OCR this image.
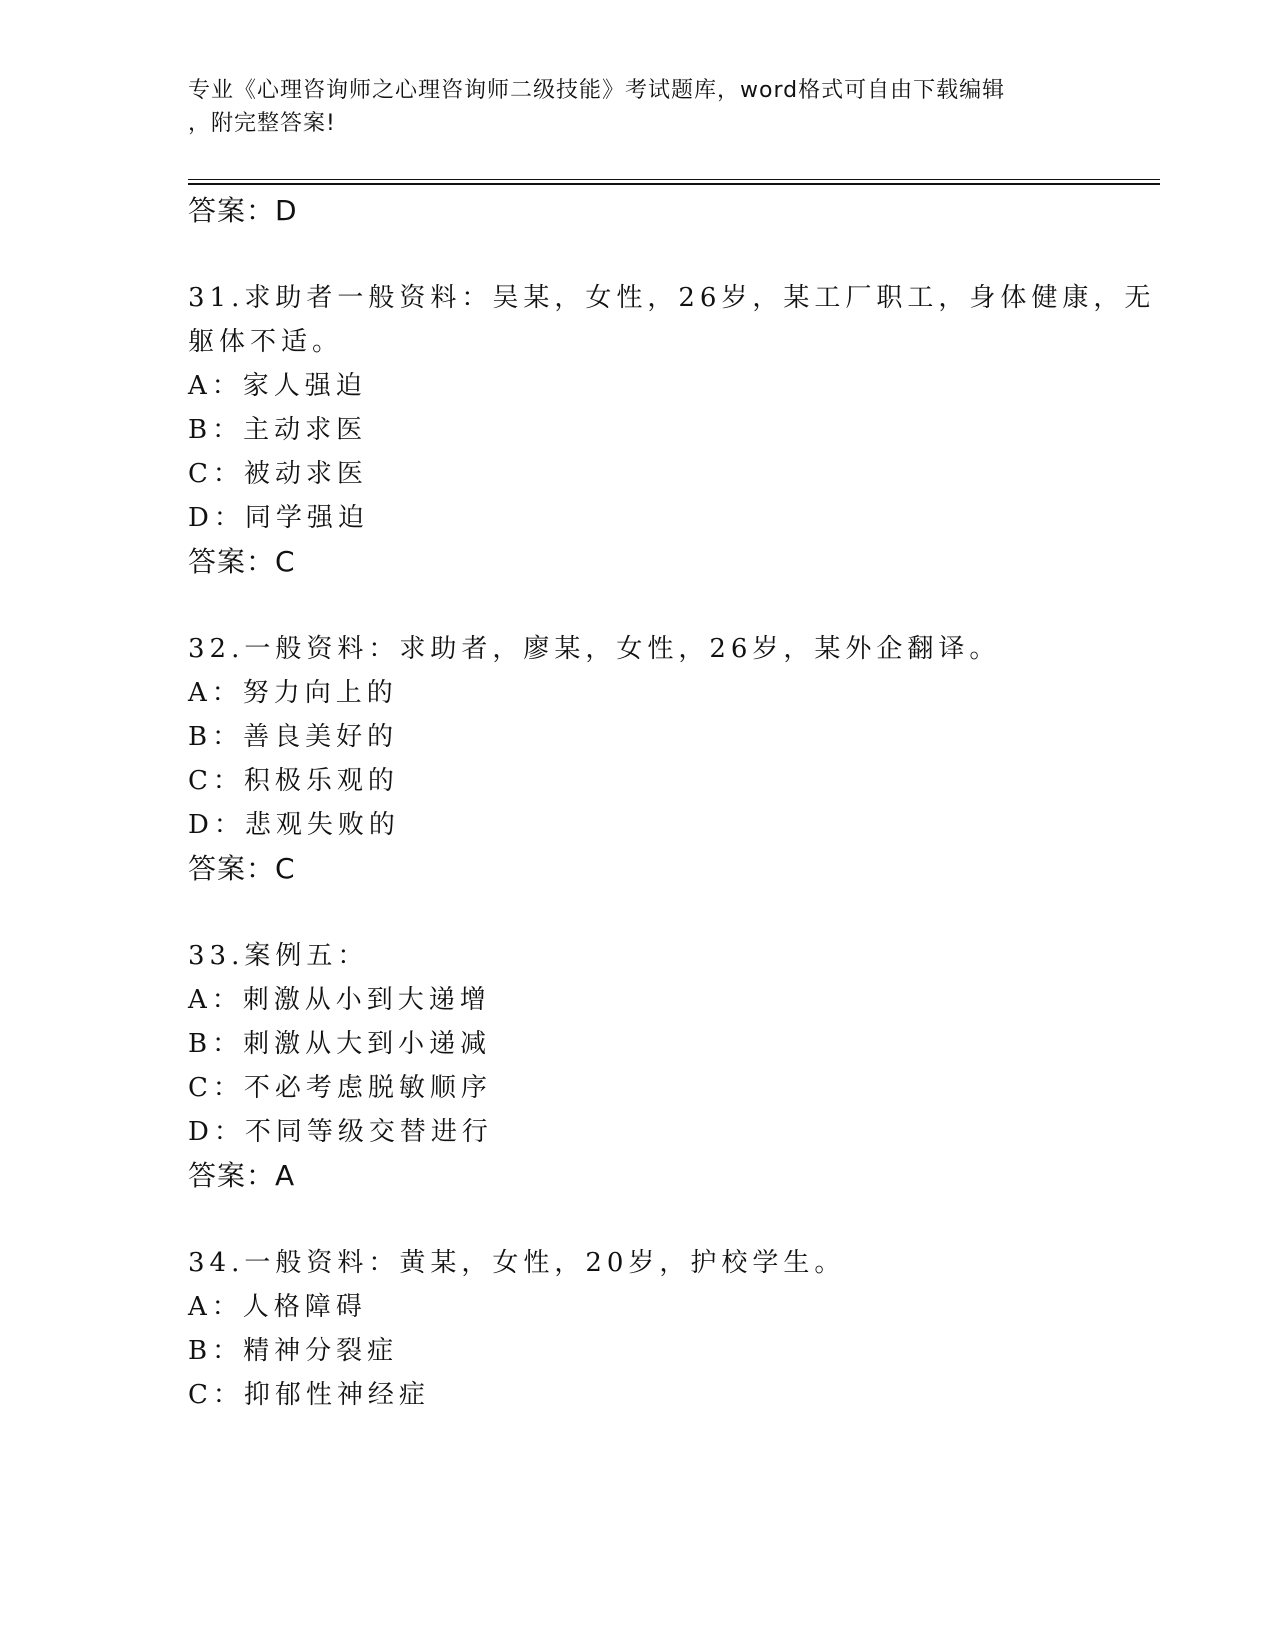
专业《心理咨询师之心理咨询师二级技能》考试题库，word格式可自由下载编辑
，附完整答案!
答案：D
31.求助者一般资料：吴某，女性，26岁，某工厂职工，身体健康，无
躯体不适。
A：家人强迫
B：主动求医
C：被动求医
D：同学强迫
答案：C
32.一般资料：求助者，廖某，女性，26岁，某外企翻译。
A：努力向上的
B：善良美好的
C：积极乐观的
D：悲观失败的
答案：C
33.案例五：
A：刺激从小到大递增
B：刺激从大到小递减
C：不必考虑脱敏顺序
D：不同等级交替进行
答案：A
34.一般资料：黄某，女性，20岁，护校学生。
A：人格障碍
B：精神分裂症
C：抑郁性神经症
